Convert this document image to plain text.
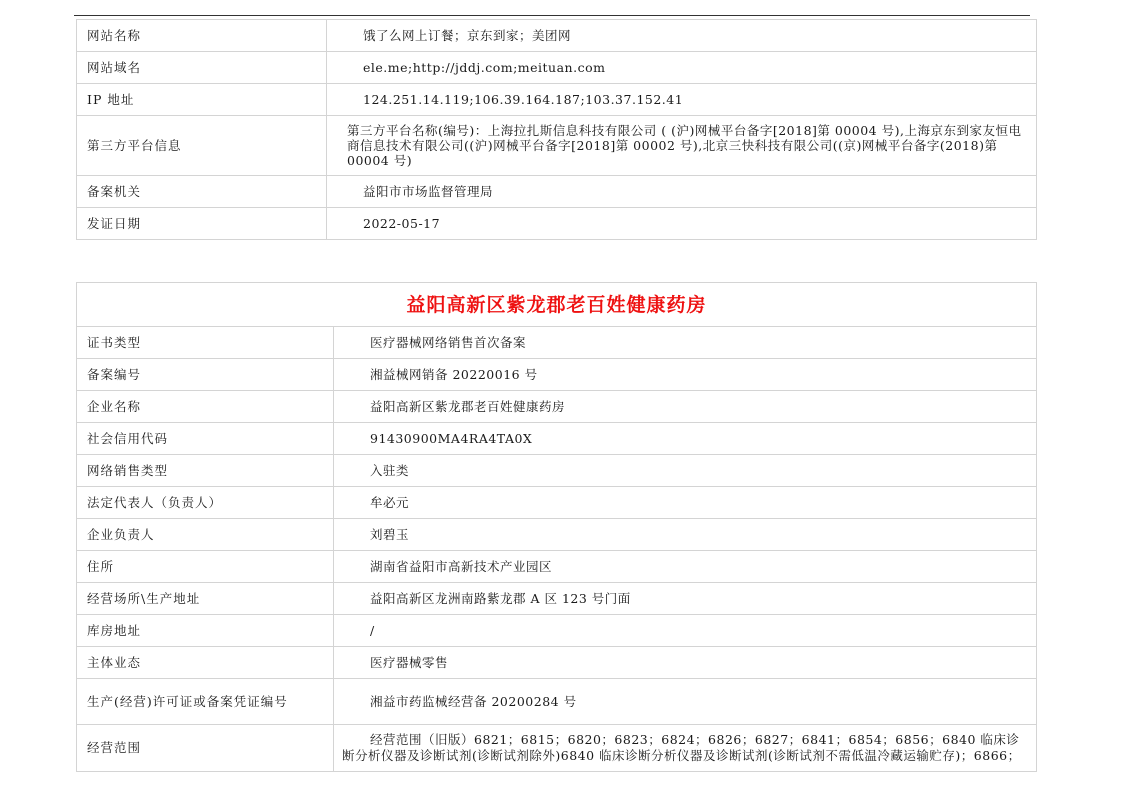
网站名称	饿了么网上订餐；京东到家；美团网
网站域名	ele.me;http://jddj.com;meituan.com
IP 地址	124.251.14.119;106.39.164.187;103.37.152.41
第三方平台信息	第三方平台名称(编号)：上海拉扎斯信息科技有限公司 ( (沪)网械平台备字[2018]第 00004 号),上海京东到家友恒电商信息技术有限公司((沪)网械平台备字[2018]第 00002 号),北京三快科技有限公司((京)网械平台备字(2018)第 00004 号)
备案机关	益阳市市场监督管理局
发证日期	2022-05-17
益阳高新区紫龙郡老百姓健康药房	
证书类型	医疗器械网络销售首次备案
备案编号	湘益械网销备 20220016 号
企业名称	益阳高新区紫龙郡老百姓健康药房
社会信用代码	91430900MA4RA4TA0X
网络销售类型	入驻类
法定代表人（负责人）	牟必元
企业负责人	刘碧玉
住所	湖南省益阳市高新技术产业园区
经营场所\生产地址	益阳高新区龙洲南路紫龙郡 A 区 123 号门面
库房地址	/
主体业态	医疗器械零售
生产(经营)许可证或备案凭证编号	湘益市药监械经营备 20200284 号
经营范围	经营范围（旧版）6821；6815；6820；6823；6824；6826；6827；6841；6854；6856；6840 临床诊断分析仪器及诊断试剂(诊断试剂除外)6840 临床诊断分析仪器及诊断试剂(诊断试剂不需低温冷藏运输贮存)；6866；
